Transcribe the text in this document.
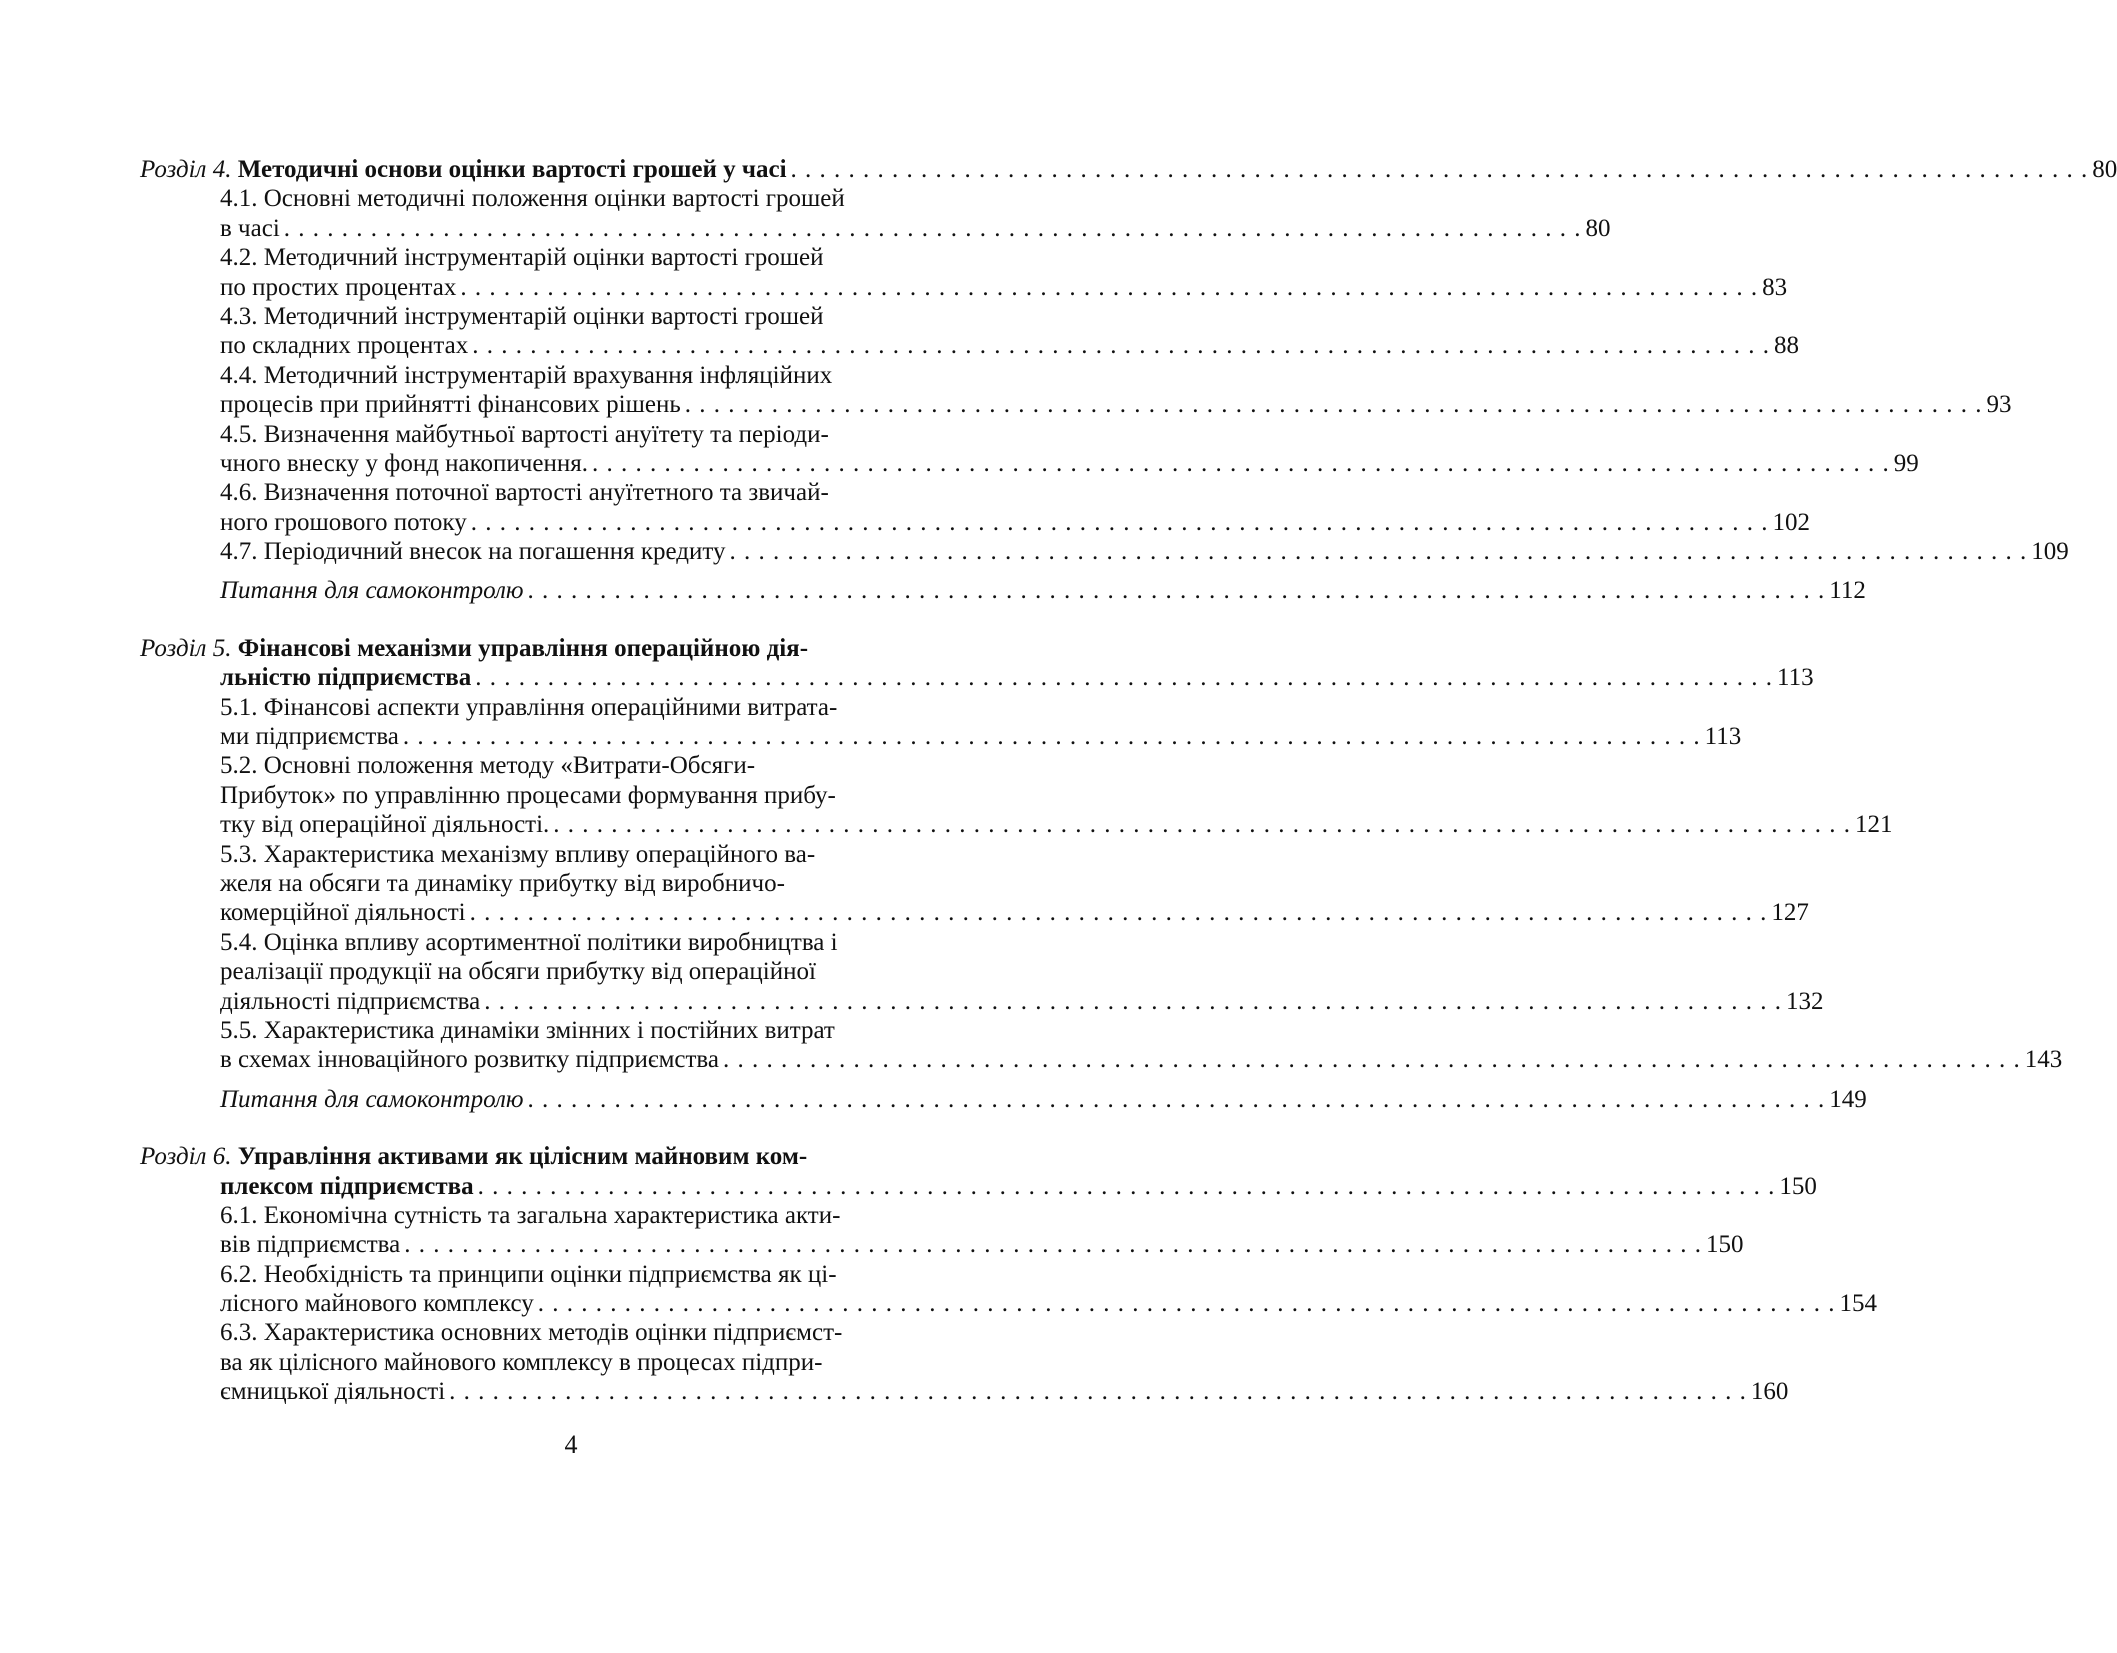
Розділ 4. Методичні основи оцінки вартості грошей у часі . . .	80
4.1. Основні методичні положення оцінки вартості грошей
в часі . . .	80
4.2. Методичний інструментарій оцінки вартості грошей
по простих процентах . . .	83
4.3. Методичний інструментарій оцінки вартості грошей
по складних процентах . . .	88
4.4. Методичний інструментарій врахування інфляційних
процесів при прийнятті фінансових рішень . . .	93
4.5. Визначення майбутньої вартості ануїтету та періоди-
чного внеску у фонд накопичення. . . .	99
4.6. Визначення поточної вартості ануїтетного та звичай-
ного грошового потоку . . .	102
4.7. Періодичний внесок на погашення кредиту . . .	109
Питання для самоконтролю . . .	112
Розділ 5. Фінансові механізми управління операційною дія-
льністю підприємства . . .	113
5.1. Фінансові аспекти управління операційними витрата-
ми підприємства . . .	113
5.2. Основні положення методу «Витрати-Обсяги-
Прибуток» по управлінню процесами формування прибу-
тку від операційної діяльності. . . .	121
5.3. Характеристика механізму впливу операційного ва-
желя на обсяги та динаміку прибутку від виробничо-
комерційної діяльності . . .	127
5.4. Оцінка впливу асортиментної політики виробництва і
реалізації продукції на обсяги прибутку від операційної
діяльності підприємства . . .	132
5.5. Характеристика динаміки змінних і постійних витрат
в схемах інноваційного розвитку підприємства . . .	143
Питання для самоконтролю . . .	149
Розділ 6. Управління активами як цілісним майновим ком-
плексом підприємства . . .	150
6.1. Економічна сутність та загальна характеристика акти-
вів підприємства . . .	150
6.2. Необхідність та принципи оцінки підприємства як ці-
лісного майнового комплексу . . .	154
6.3. Характеристика основних методів оцінки підприємст-
ва як цілісного майнового комплексу в процесах підпри-
ємницької діяльності . . .	160
4
